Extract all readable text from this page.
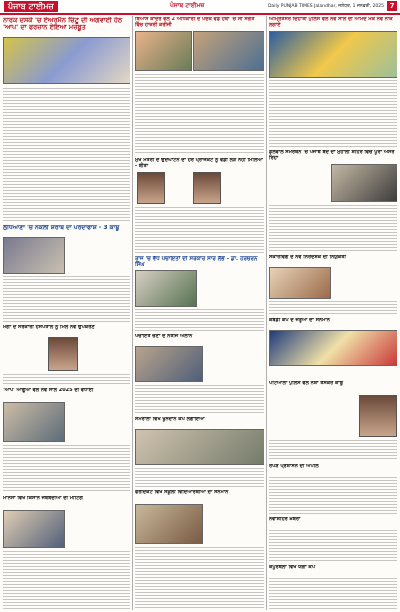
ਪੰਜਾਬ ਟਾਈਮਜ਼	ਪੰਜਾਬ ਟਾਈਮਜ਼	Daily PUNJAB TIMES Jalandhar, ਜਲੰਧਰ, 1 ਜਨਵਰੀ, 2025 7
ਨਾਰਕ ਦਸਕੇ 'ਚ ਏਅਰਮੈਨ ਚਿੰਟੂ ਦੀ ਅਗਵਾਈ ਹੇਠ 'ਆਪ' ਦਾ ਫਰਜ਼ਾਨ ਏਇਆ ਮਜ਼ਬੂਤ
ਬਿਆਸ ਕਾਦਰ ਵੱਲੋਂ 2 ਅਧਿਕਾਰੀ ਦੇ ਪਦਕ ਵੰਡ ਹਥਾਂ 'ਚ ਸੀ ਸੰਗਤ ਵਿੱਚ ਹਾਜ਼ਰੀ ਕਰੀਜੀ
ਅੰਮ੍ਰਿਤਸਰ ਦਿਹਾਤੀ ਪੁਲਿਸ ਵੱਲੋਂ ਨਵੇਂ ਸਾਲ ਦੀ ਆਮਦ ਮੌਕੇ ਨਵੇਂ ਨਾਕੇ ਲਗਾਏ
ਲੁਧਿਆਣਾ 'ਚ ਨਕਲੀ ਸ਼ਰਾਬ ਦਾ ਪਰਦਾਫਾਸ਼ - 3 ਕਾਬੂ
ਮੁੱਖ ਮੰਤਰੀ ਦੇ ਉਦਘਾਟਨ ਦਾ ਹਰ ਪ੍ਰਾਜੈਕਟ ਨੂੰ ਵੱਡੀ ਲੋੜ ਨਹੀਂ ਮਿਲਿਆ - ਬੀਤਾ
ਡੱਲੇਵਾਲ ਸਮਰਥਨ 'ਚ ਪੰਜਾਬ ਬੰਦ ਦਾ ਮੁਹਾਲੀ ਸ਼ਹਿਰ ਵਿੱਚ ਪੂਰਾ ਅਸਰ ਰਿਹਾ
ਮੋਗਾ ਦੇ ਸਰਕਾਰੀ ਹਸਪਤਾਲ ਨੂੰ ਮਿਲੇ ਨਵੇਂ ਉਪਕਰਣ
ਰਾਜ 'ਚ ਵੱਧ ਪੰਚਾਇਤਾਂ ਦੀ ਸਰਕਾਰ ਸਾਰ ਲੱਭੇ - ਡਾ. ਹਰਚਰਨ ਸਿੰਘ
ਸਕਾਰਵਿੰਗ ਦੇ ਨਵੇਂ ਨਿਰਦੇਸ਼ਕ ਦੀ ਨਿਯੁਕਤੀ
ਪੰਚਾਇਤ ਚੋਣਾਂ ਦੇ ਨਤੀਜੇ ਐਲਾਨੇ
'ਆਪ' ਆਗੂਆਂ ਵੱਲੋਂ ਨਵੇਂ ਸਾਲ 2025 ਦੀ ਵਧਾਈ
ਕਬੱਡੀ ਕੱਪ ਦੇ ਜੇਤੂਆਂ ਦਾ ਸਨਮਾਨ
ਸਮਰਾਲਾ ਵਿਖੇ ਖੂਨਦਾਨ ਕੈਂਪ ਲਗਾਇਆ
ਪਟਿਆਲਾ ਪੁਲਿਸ ਵੱਲੋਂ ਨਸ਼ਾ ਤਸਕਰ ਕਾਬੂ
ਮਾਨਸਾ ਵਿਖੇ ਕਿਸਾਨ ਜਥੇਬੰਦੀਆਂ ਦੀ ਮੀਟਿੰਗ
ਫਰੀਦਕੋਟ ਵਿਖੇ ਸਕੂਲੀ ਵਿਦਿਆਰਥੀਆਂ ਦਾ ਸਨਮਾਨ
ਰੋਪੜ ਪ੍ਰਸ਼ਾਸਨ ਦੀ ਅਪੀਲ
ਨਵਾਂਸ਼ਹਿਰ ਖ਼ਬਰਾਂ
ਕਪੂਰਥਲਾ ਵਿਖੇ ਯੋਗਾ ਕੈਂਪ
